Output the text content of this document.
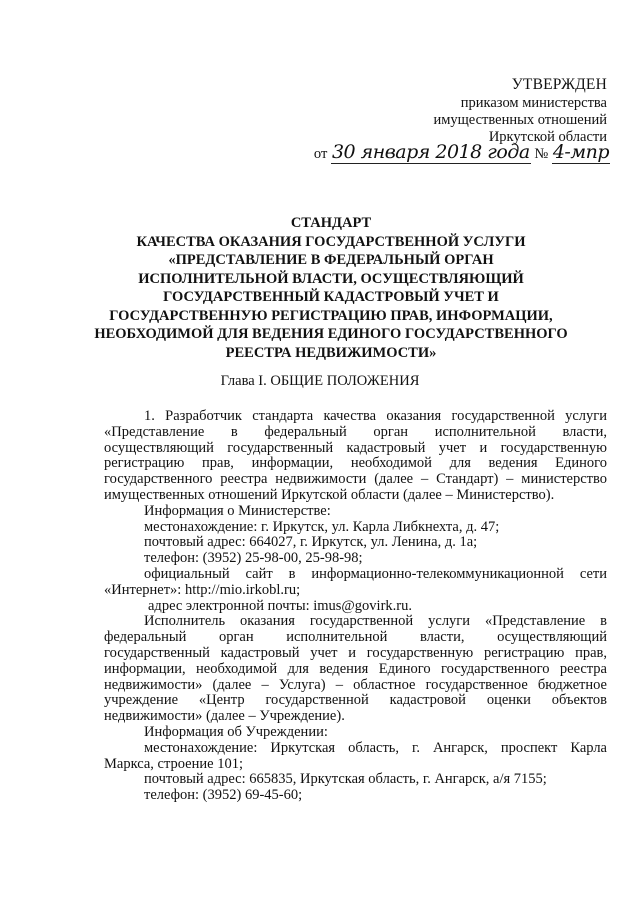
УТВЕРЖДЕН
приказом министерства
имущественных отношений
Иркутской области
от 30 января 2018 года № 4-мпр
СТАНДАРТ
КАЧЕСТВА ОКАЗАНИЯ ГОСУДАРСТВЕННОЙ УСЛУГИ
«ПРЕДСТАВЛЕНИЕ В ФЕДЕРАЛЬНЫЙ ОРГАН
ИСПОЛНИТЕЛЬНОЙ ВЛАСТИ, ОСУЩЕСТВЛЯЮЩИЙ
ГОСУДАРСТВЕННЫЙ КАДАСТРОВЫЙ УЧЕТ И
ГОСУДАРСТВЕННУЮ РЕГИСТРАЦИЮ ПРАВ, ИНФОРМАЦИИ,
НЕОБХОДИМОЙ ДЛЯ ВЕДЕНИЯ ЕДИНОГО ГОСУДАРСТВЕННОГО
РЕЕСТРА НЕДВИЖИМОСТИ»
Глава I. ОБЩИЕ ПОЛОЖЕНИЯ
1. Разработчик стандарта качества оказания государственной услуги
«Представление в федеральный орган исполнительной власти,
осуществляющий государственный кадастровый учет и государственную
регистрацию прав, информации, необходимой для ведения Единого
государственного реестра недвижимости (далее – Стандарт) – министерство
имущественных отношений Иркутской области (далее – Министерство).
Информация о Министерстве:
местонахождение: г. Иркутск, ул. Карла Либкнехта, д. 47;
почтовый адрес: 664027, г. Иркутск, ул. Ленина, д. 1а;
телефон: (3952) 25-98-00, 25-98-98;
официальный сайт в информационно-телекоммуникационной сети
«Интернет»: http://mio.irkobl.ru;
адрес электронной почты: imus@govirk.ru.
Исполнитель оказания государственной услуги «Представление в
федеральный орган исполнительной власти, осуществляющий
государственный кадастровый учет и государственную регистрацию прав,
информации, необходимой для ведения Единого государственного реестра
недвижимости» (далее – Услуга) – областное государственное бюджетное
учреждение «Центр государственной кадастровой оценки объектов
недвижимости» (далее – Учреждение).
Информация об Учреждении:
местонахождение: Иркутская область, г. Ангарск, проспект Карла
Маркса, строение 101;
почтовый адрес: 665835, Иркутская область, г. Ангарск, а/я 7155;
телефон: (3952) 69-45-60;
